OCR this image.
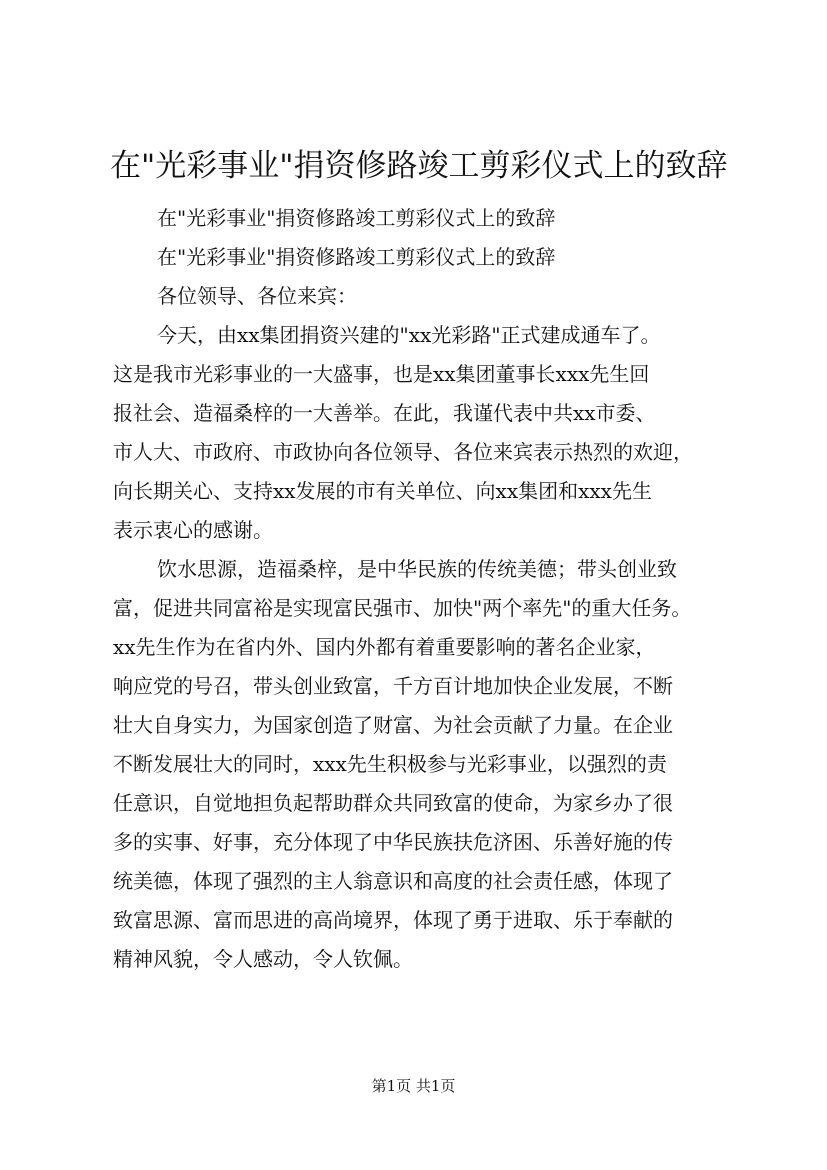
在"光彩事业"捐资修路竣工剪彩仪式上的致辞
在"光彩事业"捐资修路竣工剪彩仪式上的致辞
在"光彩事业"捐资修路竣工剪彩仪式上的致辞
各位领导、各位来宾：
今天，由xx集团捐资兴建的"xx光彩路"正式建成通车了。
这是我市光彩事业的一大盛事，也是xx集团董事长xxx先生回
报社会、造福桑梓的一大善举。在此，我谨代表中共xx市委、
市人大、市政府、市政协向各位领导、各位来宾表示热烈的欢迎，
向长期关心、支持xx发展的市有关单位、向xx集团和xxx先生
表示衷心的感谢。
饮水思源，造福桑梓，是中华民族的传统美德；带头创业致
富，促进共同富裕是实现富民强市、加快"两个率先"的重大任务。
xx先生作为在省内外、国内外都有着重要影响的著名企业家，
响应党的号召，带头创业致富，千方百计地加快企业发展，不断
壮大自身实力，为国家创造了财富、为社会贡献了力量。在企业
不断发展壮大的同时，xxx先生积极参与光彩事业，以强烈的责
任意识，自觉地担负起帮助群众共同致富的使命，为家乡办了很
多的实事、好事，充分体现了中华民族扶危济困、乐善好施的传
统美德，体现了强烈的主人翁意识和高度的社会责任感，体现了
致富思源、富而思进的高尚境界，体现了勇于进取、乐于奉献的
精神风貌，令人感动，令人钦佩。
第1页 共1页
